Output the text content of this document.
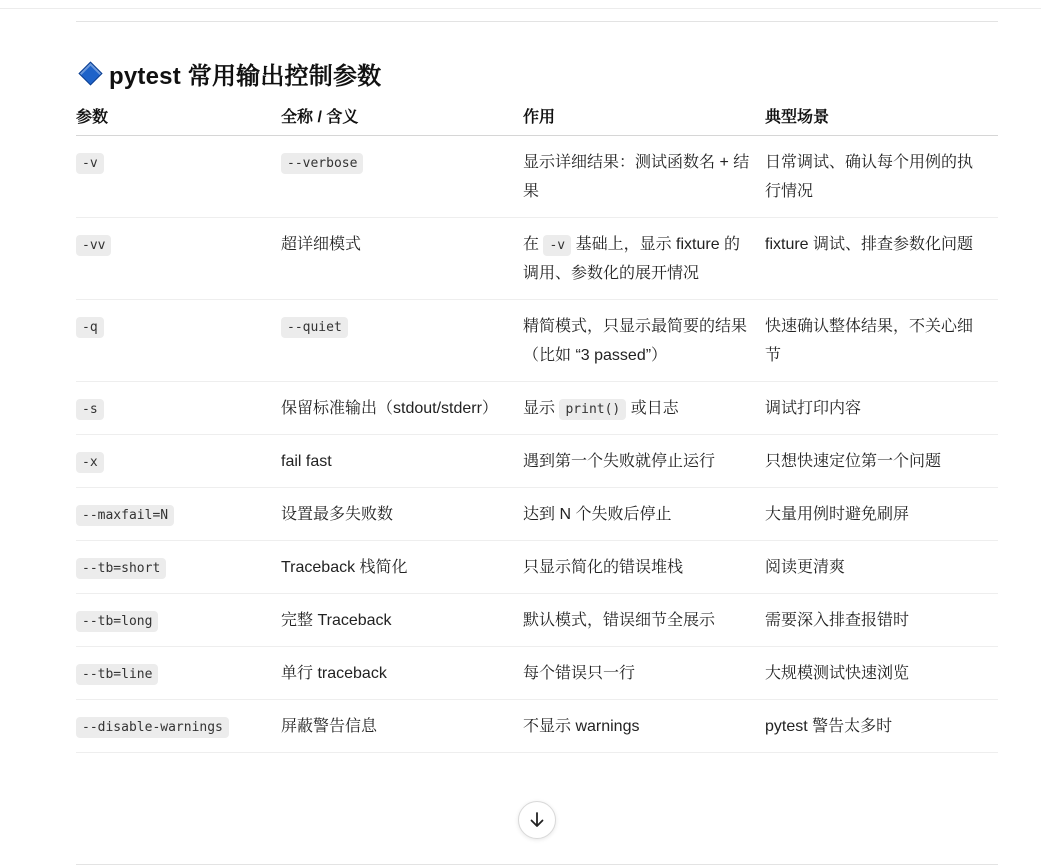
pytest 常用输出控制参数
参数	全称 / 含义	作用	典型场景
-v	--verbose	显示详细结果：测试函数名 + 结果	日常调试、确认每个用例的执行情况
-vv	超详细模式	在 -v 基础上，显示 fixture 的调用、参数化的展开情况	fixture 调试、排查参数化问题
-q	--quiet	精简模式，只显示最简要的结果（比如 “3 passed”）	快速确认整体结果，不关心细节
-s	保留标准输出（stdout/stderr）	显示 print() 或日志	调试打印内容
-x	fail fast	遇到第一个失败就停止运行	只想快速定位第一个问题
--maxfail=N	设置最多失败数	达到 N 个失败后停止	大量用例时避免刷屏
--tb=short	Traceback 栈简化	只显示简化的错误堆栈	阅读更清爽
--tb=long	完整 Traceback	默认模式，错误细节全展示	需要深入排查报错时
--tb=line	单行 traceback	每个错误只一行	大规模测试快速浏览
--disable-warnings	屏蔽警告信息	不显示 warnings	pytest 警告太多时
